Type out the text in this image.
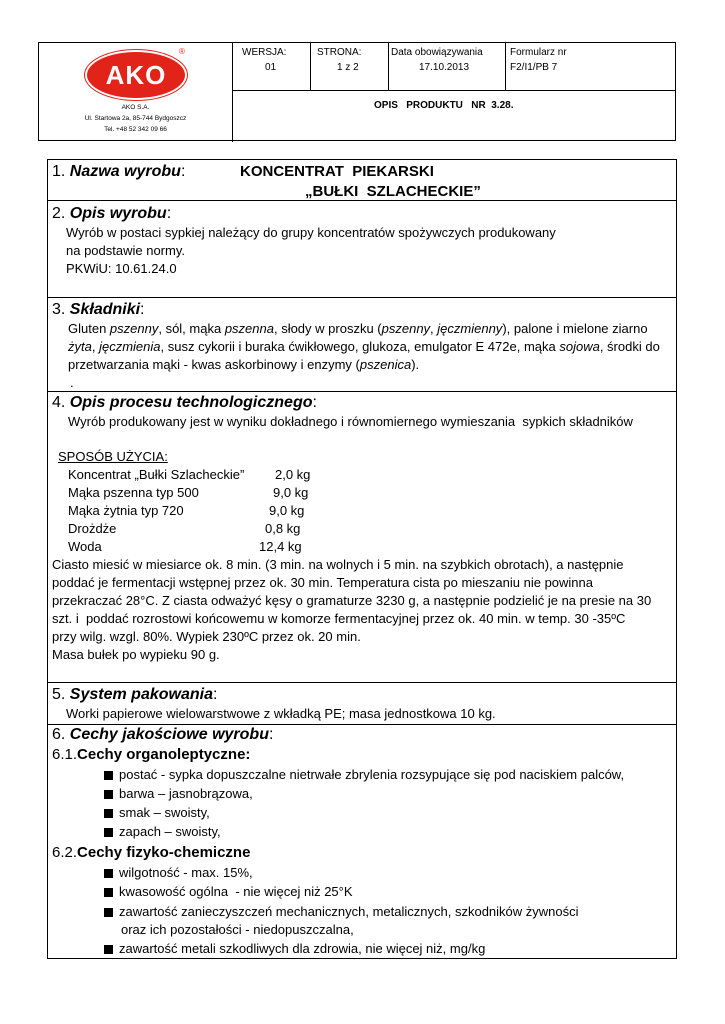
AKO
®
AKO S.A.
Ul. Startowa 2a, 85-744 Bydgoszcz
Tel. +48 52 342 09 66
WERSJA:
01
STRONA:
1 z 2
Data obowiązywania
17.10.2013
Formularz nr
F2/I1/PB 7
OPIS   PRODUKTU   NR  3.28.
1. Nazwa wyrobu:	KONCENTRAT  PIEKARSKI
„BUŁKI  SZLACHECKIE”
2. Opis wyrobu:
Wyrób w postaci sypkiej należący do grupy koncentratów spożywczych produkowany
na podstawie normy.
PKWiU: 10.61.24.0
3. Składniki:
Gluten pszenny, sól, mąka pszenna, słody w proszku (pszenny, jęczmienny), palone i mielone ziarno
żyta, jęczmienia, susz cykorii i buraka ćwikłowego, glukoza, emulgator E 472e, mąka sojowa, środki do
przetwarzania mąki - kwas askorbinowy i enzymy (pszenica).
.
4. Opis procesu technologicznego:
Wyrób produkowany jest w wyniku dokładnego i równomiernego wymieszania  sypkich składników
SPOSÓB UŻYCIA:
Koncentrat „Bułki Szlacheckie” 2,0 kg
Mąka pszenna typ 500	9,0 kg
Mąka żytnia typ 720	9,0 kg
Drożdże	0,8 kg
Woda	12,4 kg
Ciasto miesić w miesiarce ok. 8 min. (3 min. na wolnych i 5 min. na szybkich obrotach), a następnie
poddać je fermentacji wstępnej przez ok. 30 min. Temperatura cista po mieszaniu nie powinna
przekraczać 28°C. Z ciasta odważyć kęsy o gramaturze 3230 g, a następnie podzielić je na presie na 30
szt. i  poddać rozrostowi końcowemu w komorze fermentacyjnej przez ok. 40 min. w temp. 30 -35ºC
przy wilg. wzgl. 80%. Wypiek 230ºC przez ok. 20 min.
Masa bułek po wypieku 90 g.
5. System pakowania:
Worki papierowe wielowarstwowe z wkładką PE; masa jednostkowa 10 kg.
6. Cechy jakościowe wyrobu:
6.1.Cechy organoleptyczne:
postać - sypka dopuszczalne nietrwałe zbrylenia rozsypujące się pod naciskiem palców,
barwa – jasnobrązowa,
smak – swoisty,
zapach – swoisty,
6.2.Cechy fizyko-chemiczne
wilgotność - max. 15%,
kwasowość ogólna  - nie więcej niż 25°K
zawartość zanieczyszczeń mechanicznych, metalicznych, szkodników żywności
oraz ich pozostałości - niedopuszczalna,
zawartość metali szkodliwych dla zdrowia, nie więcej niż, mg/kg
